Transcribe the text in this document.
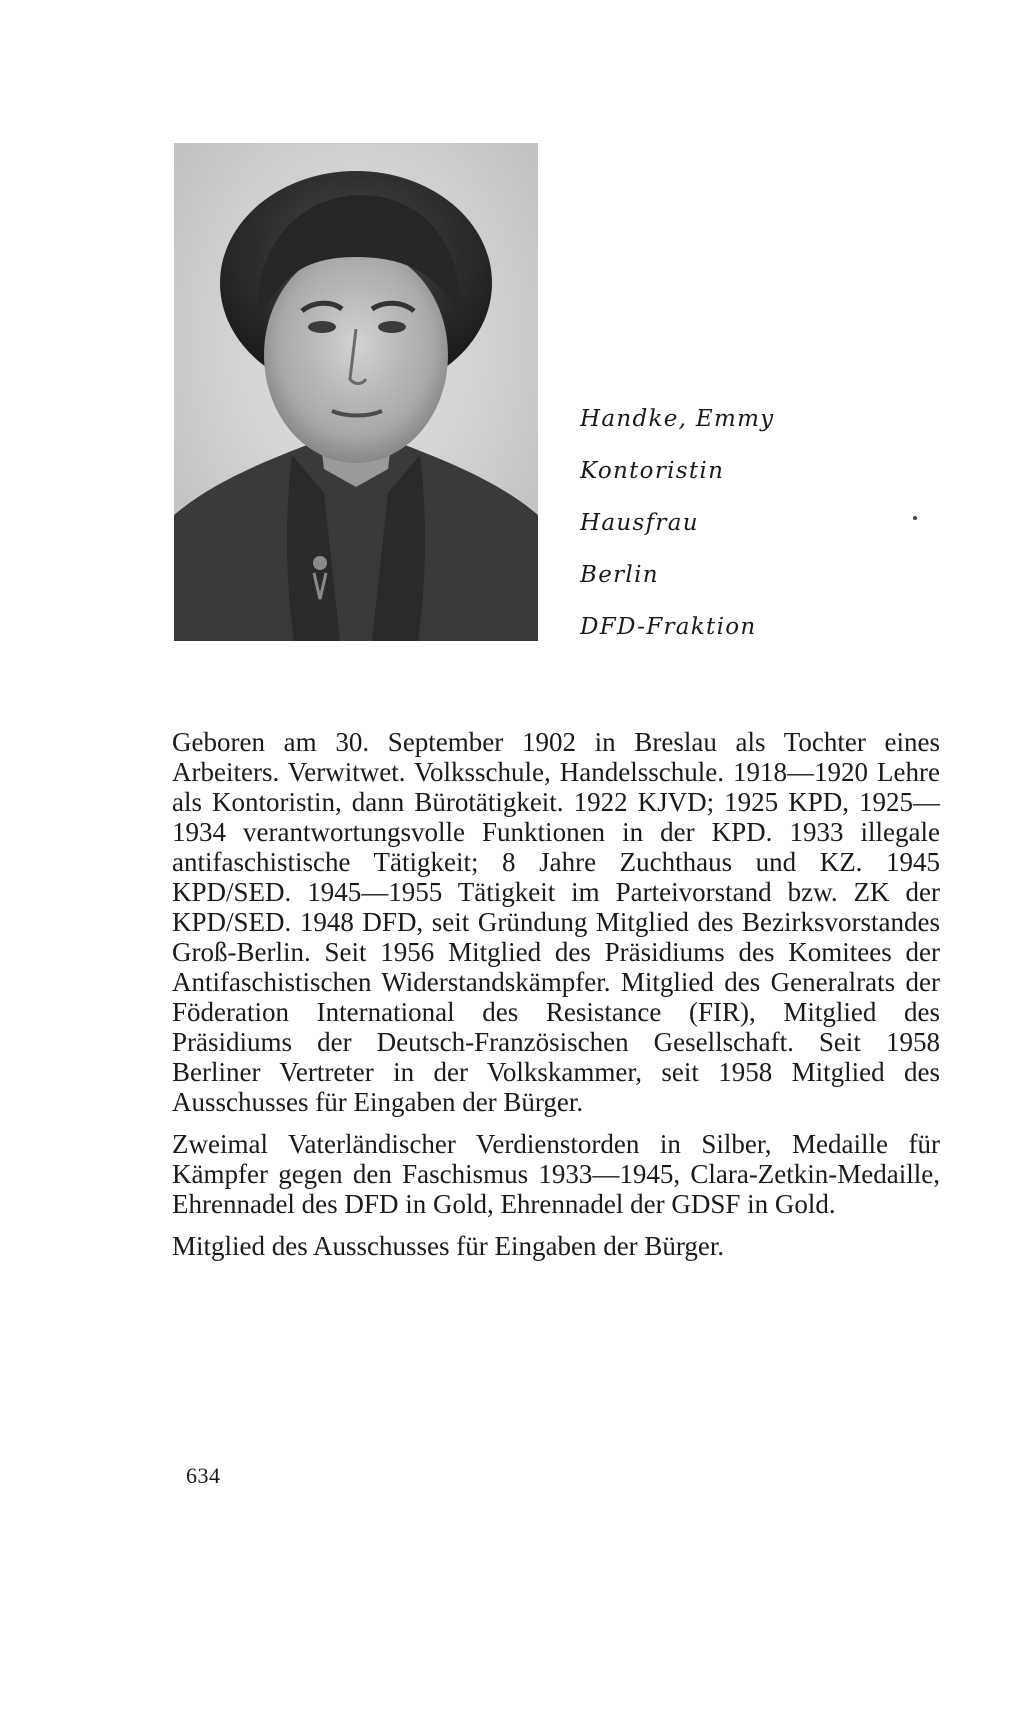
Handke, Emmy
Kontoristin
Hausfrau
Berlin
DFD-Fraktion

Geboren am 30. September 1902 in Breslau als Tochter eines Arbeiters. Verwitwet. Volksschule, Handelsschule. 1918—1920 Lehre als Kontoristin, dann Bürotätigkeit. 1922 KJVD; 1925 KPD, 1925—1934 verantwortungsvolle Funktionen in der KPD. 1933 illegale antifaschistische Tätigkeit; 8 Jahre Zuchthaus und KZ. 1945 KPD/SED. 1945—1955 Tätigkeit im Parteivorstand bzw. ZK der KPD/SED. 1948 DFD, seit Gründung Mitglied des Bezirksvorstandes Groß-Berlin. Seit 1956 Mitglied des Präsidiums des Komitees der Antifaschistischen Widerstandskämpfer. Mitglied des Generalrats der Föderation International des Resistance (FIR), Mitglied des Präsidiums der Deutsch-Französischen Gesellschaft. Seit 1958 Berliner Vertreter in der Volkskammer, seit 1958 Mitglied des Ausschusses für Eingaben der Bürger.

Zweimal Vaterländischer Verdienstorden in Silber, Medaille für Kämpfer gegen den Faschismus 1933—1945, Clara-Zetkin-Medaille, Ehrennadel des DFD in Gold, Ehrennadel der GDSF in Gold.

Mitglied des Ausschusses für Eingaben der Bürger.

634
